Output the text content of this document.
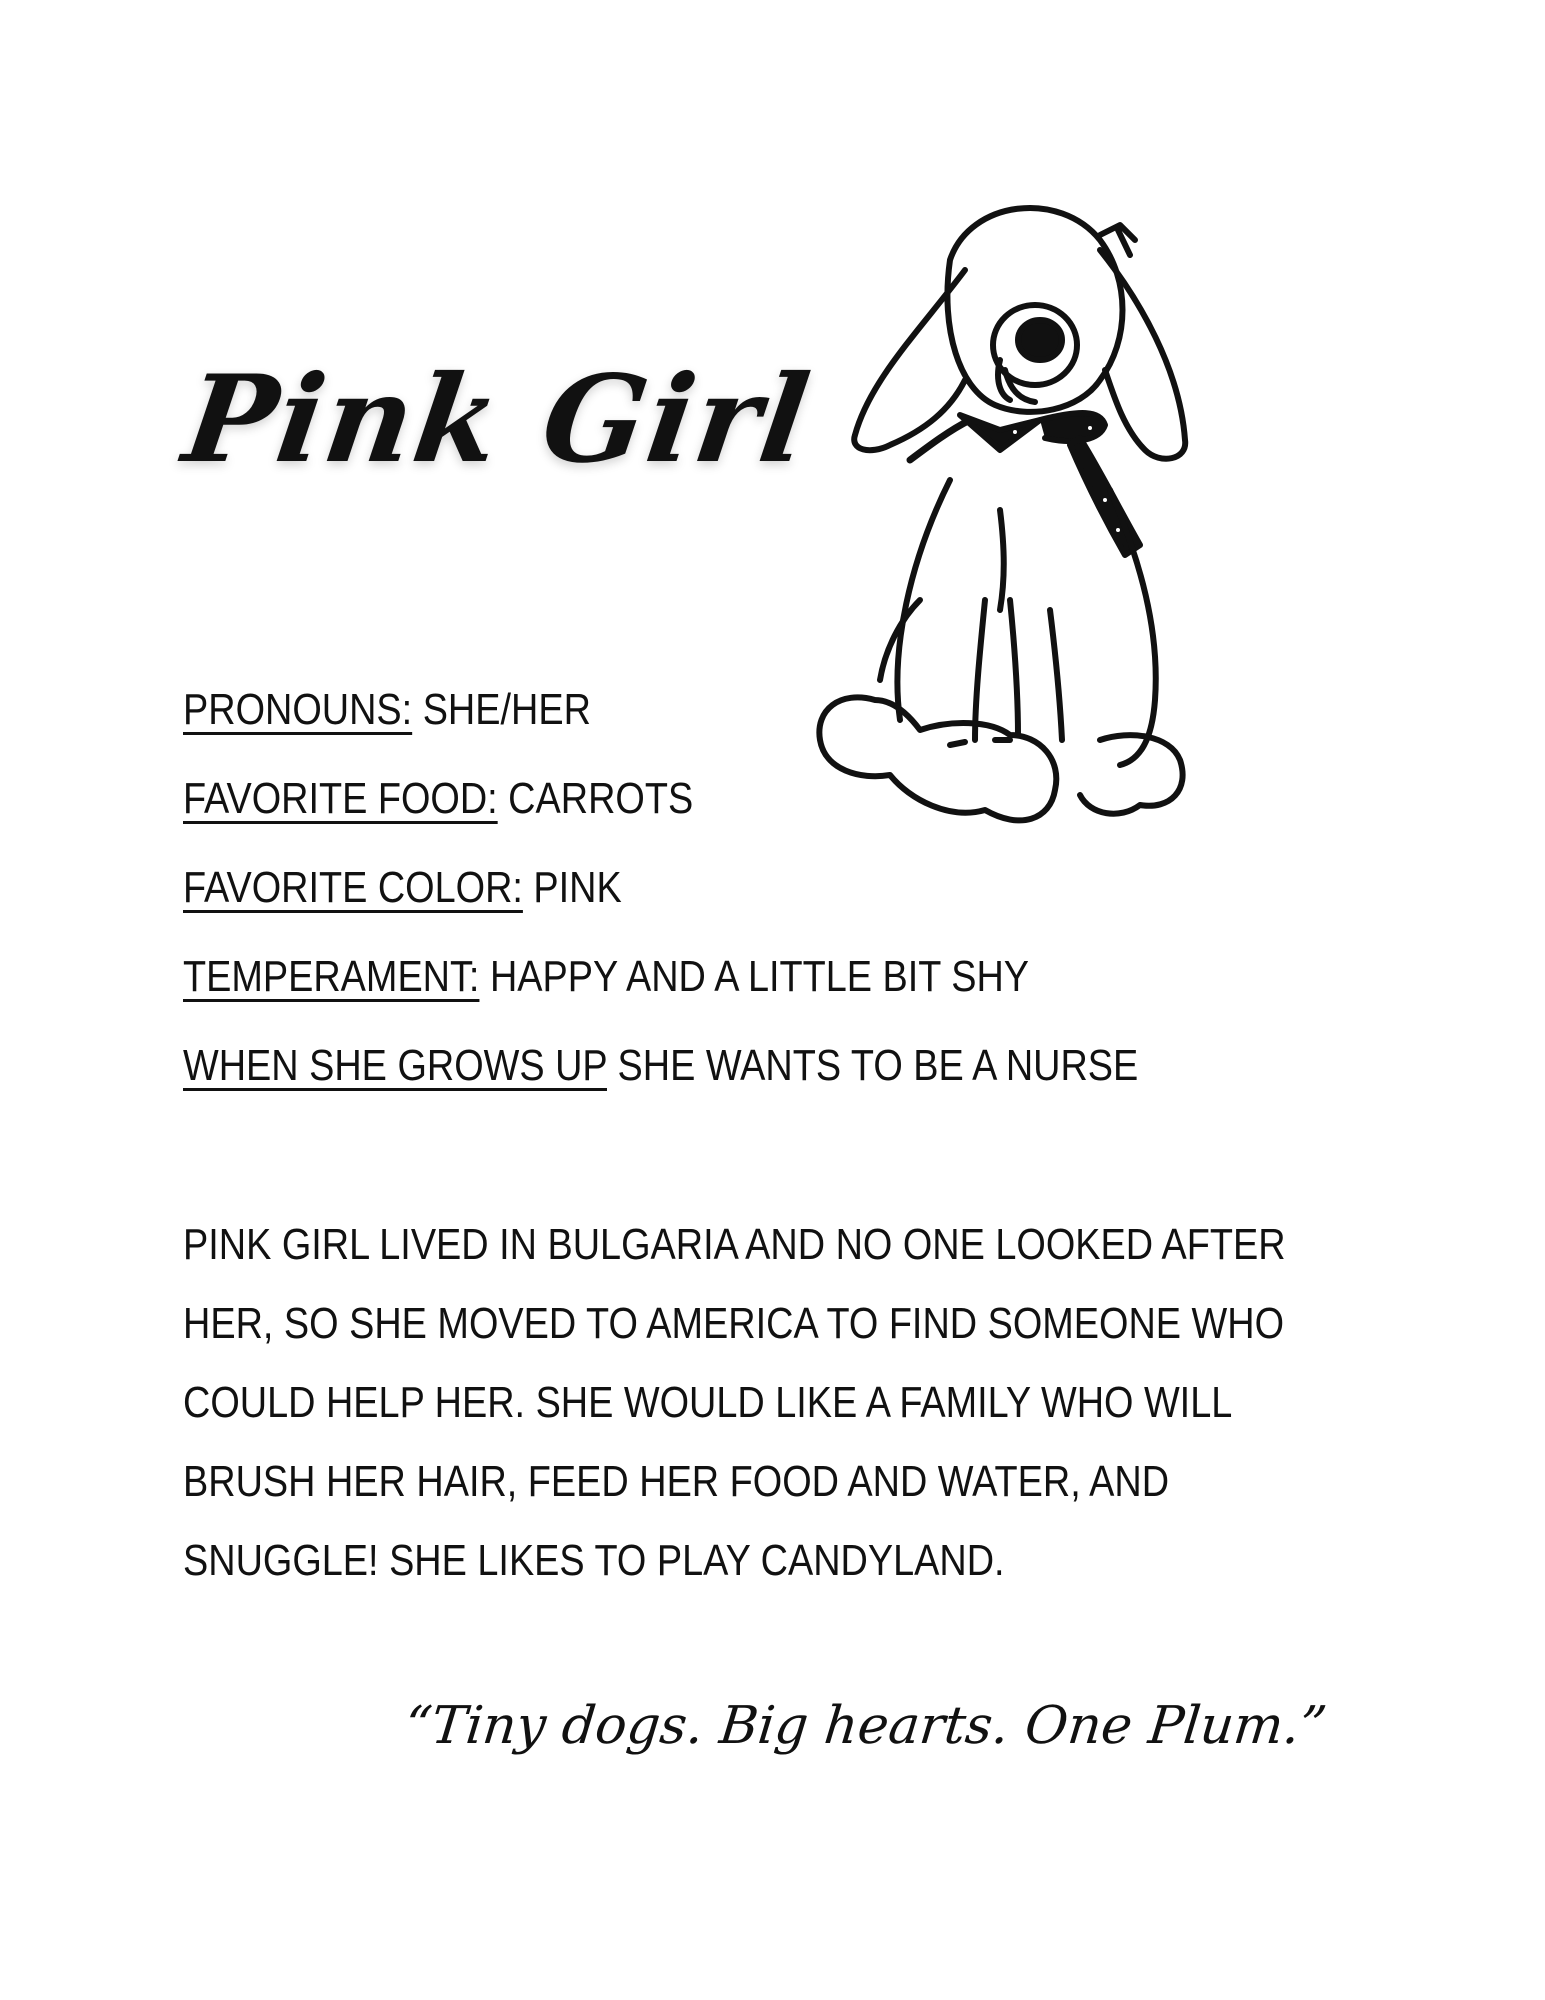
Pink Girl
PRONOUNS: SHE/HER
FAVORITE FOOD: CARROTS
FAVORITE COLOR: PINK
TEMPERAMENT: HAPPY AND A LITTLE BIT SHY
WHEN SHE GROWS UP SHE WANTS TO BE A NURSE
PINK GIRL LIVED IN BULGARIA AND NO ONE LOOKED AFTER
HER, SO SHE MOVED TO AMERICA TO FIND SOMEONE WHO
COULD HELP HER. SHE WOULD LIKE A FAMILY WHO WILL
BRUSH HER HAIR, FEED HER FOOD AND WATER, AND
SNUGGLE! SHE LIKES TO PLAY CANDYLAND.
“Tiny dogs. Big hearts. One Plum.”
